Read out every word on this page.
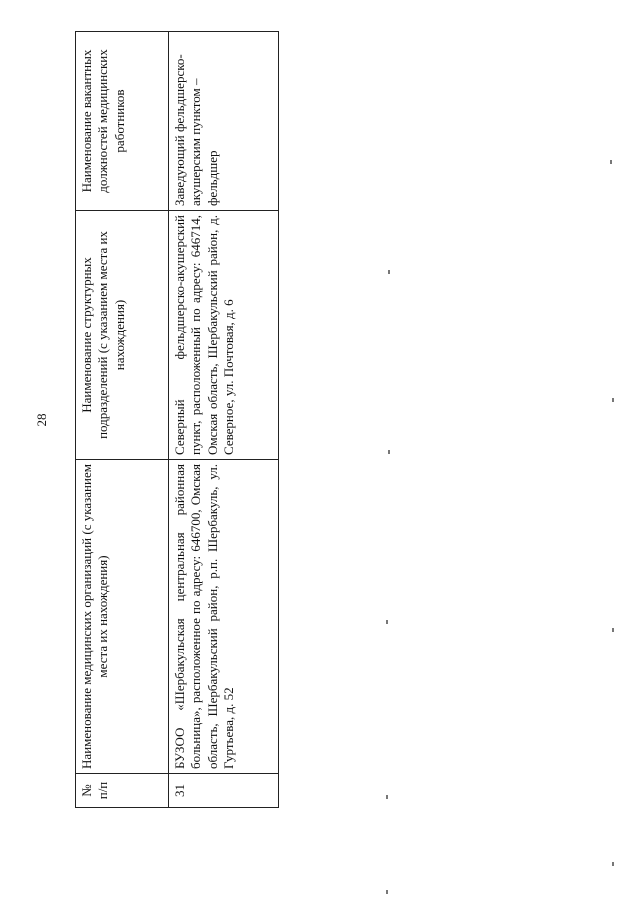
28
№ п/п	Наименование медицинских организаций (с указанием места их нахождения)	Наименование структурных подразделений (с указанием места их нахождения)	Наименование вакантных должностей медицинских работников
31	БУЗОО «Шербакульская центральная районная больница», расположенное по адресу: 646700, Омская область, Шербакульский район, р.п. Шербакуль, ул. Гуртьева, д. 52	Северный фельдшерско-акушерский пункт, расположенный по адресу: 646714, Омская область, Шербакульский район, д. Северное, ул. Почтовая, д. 6	Заведующий фельдшерско-акушерским пунктом – фельдшер
